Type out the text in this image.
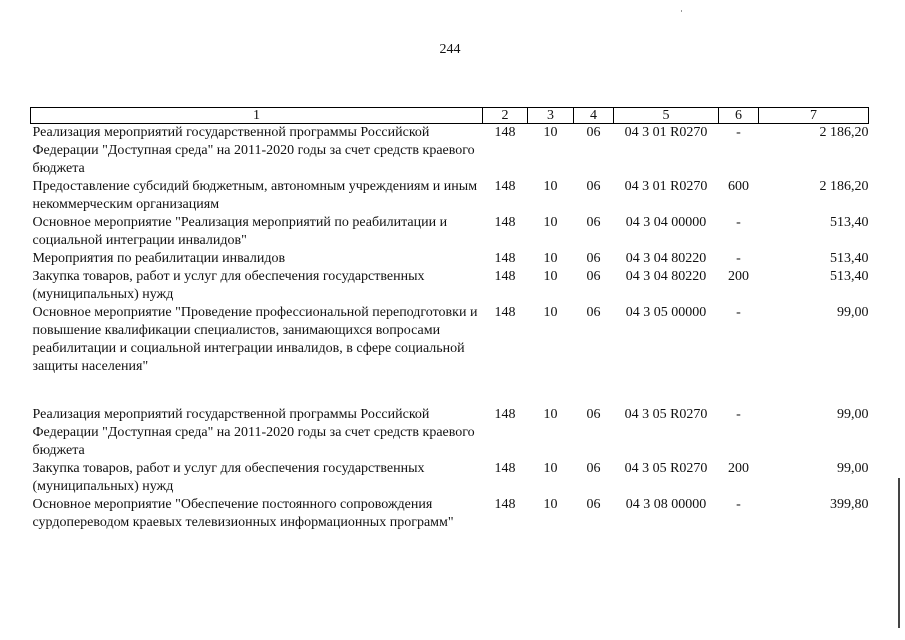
244
1	2	3	4	5	6	7
Реализация мероприятий государственной программы Российской Федерации "Доступная среда" на 2011-2020 годы за счет средств краевого бюджета	148	10	06	04 3 01 R0270	-	2 186,20
Предоставление субсидий бюджетным, автономным учреждениям и иным некоммерческим организациям	148	10	06	04 3 01 R0270	600	2 186,20
Основное мероприятие "Реализация мероприятий по реабилитации и социальной интеграции инвалидов"	148	10	06	04 3 04 00000	-	513,40
Мероприятия по реабилитации инвалидов	148	10	06	04 3 04 80220	-	513,40
Закупка товаров, работ и услуг для обеспечения государственных (муниципальных) нужд	148	10	06	04 3 04 80220	200	513,40
Основное мероприятие "Проведение профессиональной переподготовки и повышение квалификации специалистов, занимающихся вопросами реабилитации и социальной интеграции инвалидов, в сфере социальной защиты населения"	148	10	06	04 3 05 00000	-	99,00

Реализация мероприятий государственной программы Российской Федерации "Доступная среда" на 2011-2020 годы за счет средств краевого бюджета	148	10	06	04 3 05 R0270	-	99,00
Закупка товаров, работ и услуг для обеспечения государственных (муниципальных) нужд	148	10	06	04 3 05 R0270	200	99,00
Основное мероприятие "Обеспечение постоянного сопровождения сурдопереводом краевых телевизионных информационных программ"	148	10	06	04 3 08 00000	-	399,80
